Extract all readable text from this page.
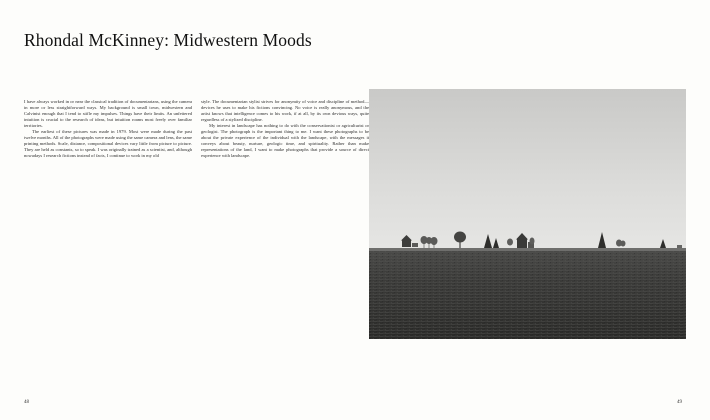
Rhondal McKinney: Midwestern Moods

I have always worked in or near the classical tradition of documentarians, using the camera in more or less straightforward ways. My background is small town, midwestern and Calvinist enough that I tend to stifle my impulses. Things have their limits. An unfettered intuition is crucial to the research of ideas, but intuition roams most freely over familiar territories.

The earliest of these pictures was made in 1979. Most were made during the past twelve months. All of the photographs were made using the same camera and lens, the same printing methods. Scale, distance, compositional devices vary little from picture to picture. They are held as constants, so to speak. I was originally trained as a scientist, and, although nowadays I research fictions instead of facts, I continue to work in my old

style. The documentarian stylist strives for anonymity of voice and discipline of method—devices he uses to make his fictions convincing. No voice is really anonymous, and the artist knows that intelligence comes to his work, if at all, by its own devious ways, quite regardless of a stylized discipline.

My interest in landscape has nothing to do with the conservationist or agriculturist or geologist. The photograph is the important thing to me. I want these photographs to be about the private experience of the individual with the landscape, with the messages it conveys about beauty, nurture, geologic time, and spirituality. Rather than make representations of the land, I want to make photographs that provide a source of direct experience with landscape.

48	49
